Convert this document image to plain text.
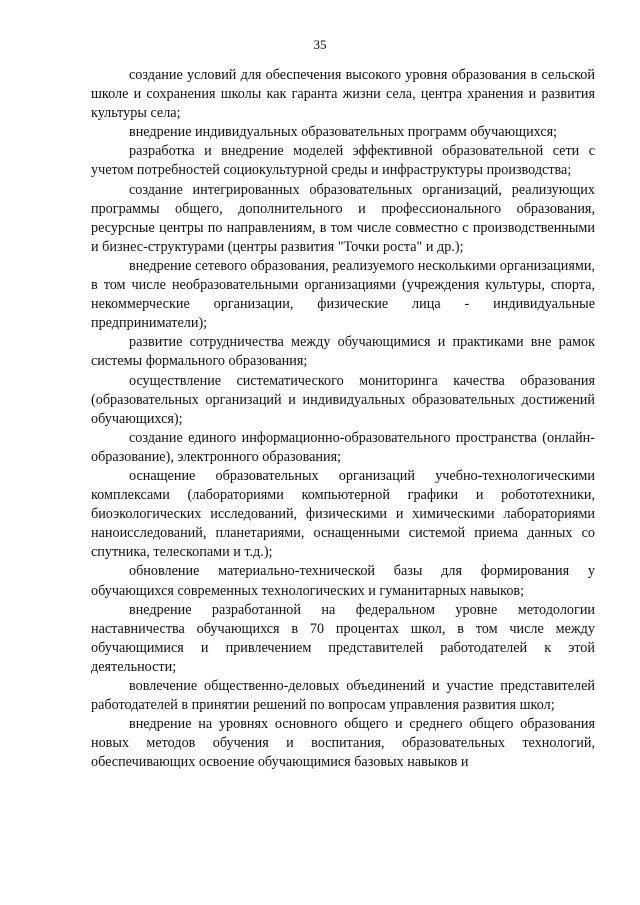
35

создание условий для обеспечения высокого уровня образования в сельской школе и сохранения школы как гаранта жизни села, центра хранения и развития культуры села;

внедрение индивидуальных образовательных программ обучающихся;

разработка и внедрение моделей эффективной образовательной сети с учетом потребностей социокультурной среды и инфраструктуры производства;

создание интегрированных образовательных организаций, реализующих программы общего, дополнительного и профессионального образования, ресурсные центры по направлениям, в том числе совместно с производственными и бизнес-структурами (центры развития "Точки роста" и др.);

внедрение сетевого образования, реализуемого несколькими организациями, в том числе необразовательными организациями (учреждения культуры, спорта, некоммерческие организации, физические лица - индивидуальные предприниматели);

развитие сотрудничества между обучающимися и практиками вне рамок системы формального образования;

осуществление систематического мониторинга качества образования (образовательных организаций и индивидуальных образовательных достижений обучающихся);

создание единого информационно-образовательного пространства (онлайн-образование), электронного образования;

оснащение образовательных организаций учебно-технологическими комплексами (лабораториями компьютерной графики и робототехники, биоэкологических исследований, физическими и химическими лабораториями наноисследований, планетариями, оснащенными системой приема данных со спутника, телескопами и т.д.);

обновление материально-технической базы для формирования у обучающихся современных технологических и гуманитарных навыков;

внедрение разработанной на федеральном уровне методологии наставничества обучающихся в 70 процентах школ, в том числе между обучающимися и привлечением представителей работодателей к этой деятельности;

вовлечение общественно-деловых объединений и участие представителей работодателей в принятии решений по вопросам управления развития школ;

внедрение на уровнях основного общего и среднего общего образования новых методов обучения и воспитания, образовательных технологий, обеспечивающих освоение обучающимися базовых навыков и
